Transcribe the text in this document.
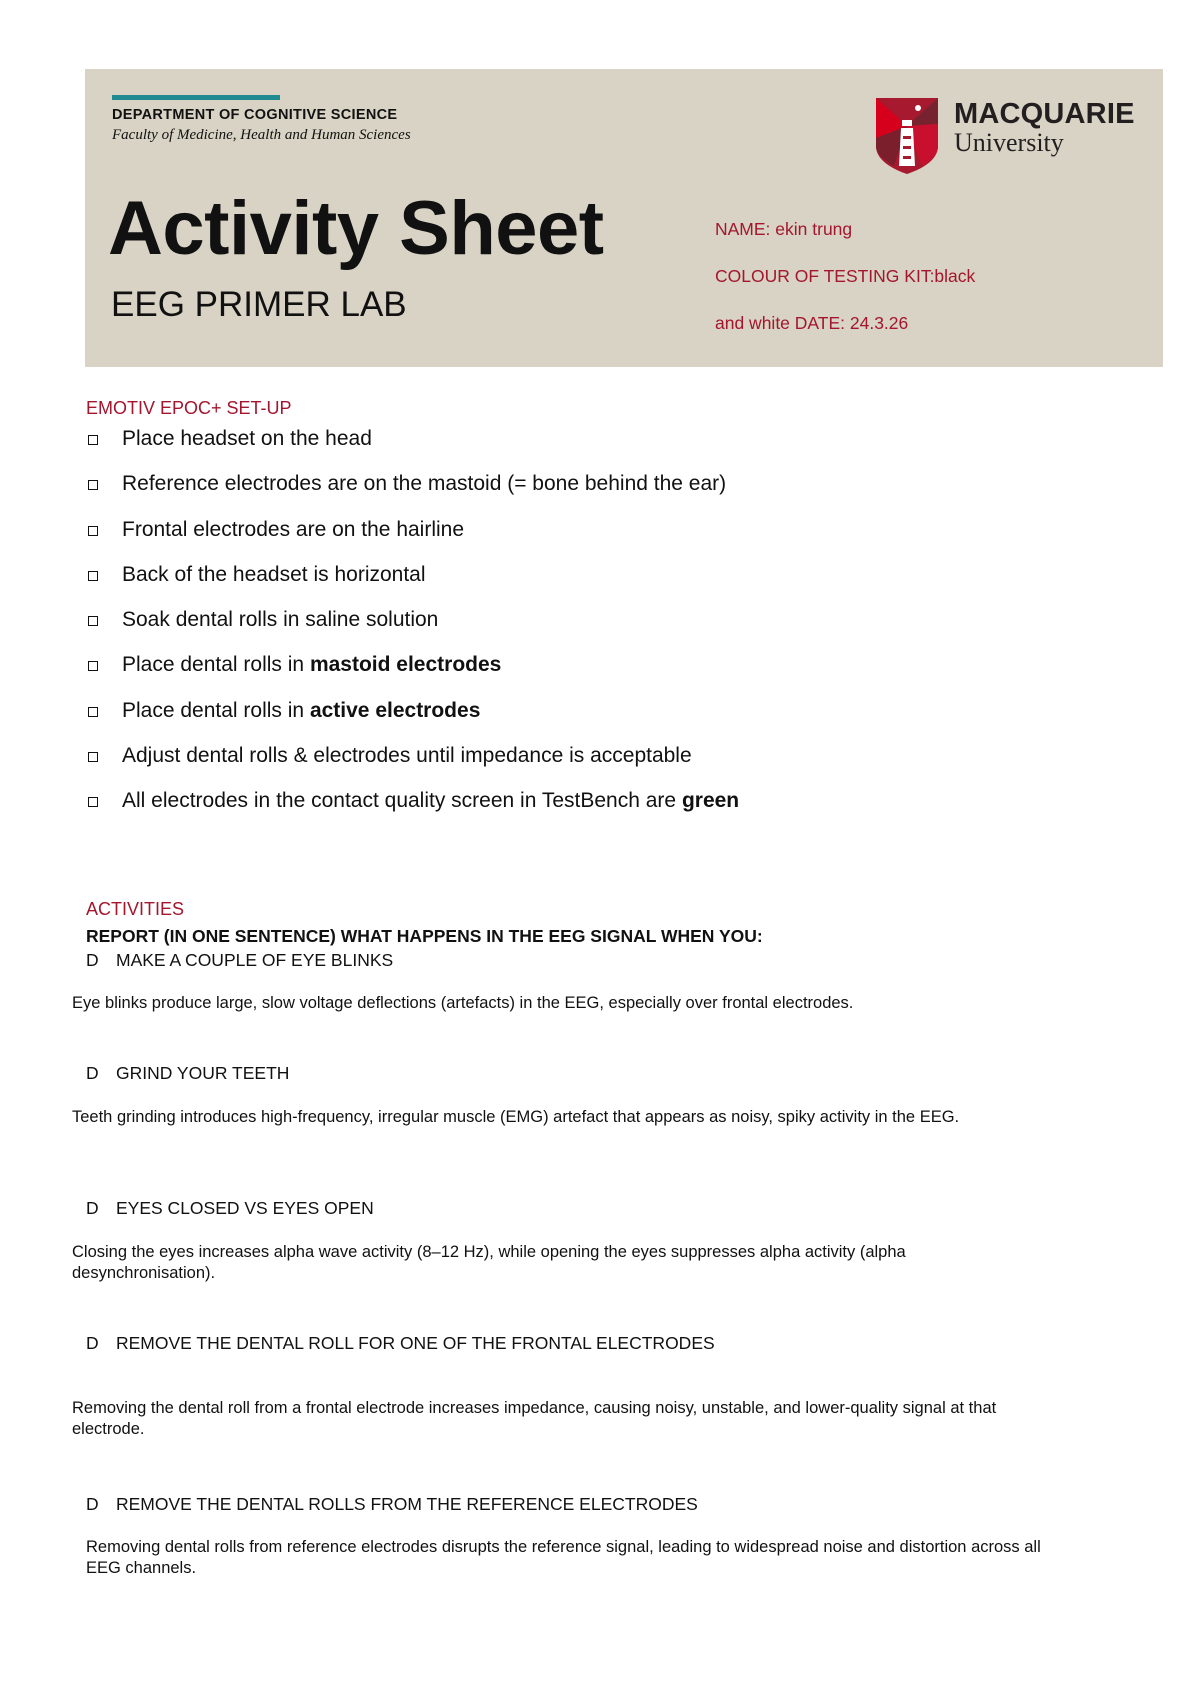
DEPARTMENT OF COGNITIVE SCIENCE
Faculty of Medicine, Health and Human Sciences
Activity Sheet
EEG PRIMER LAB
NAME: ekin trung
COLOUR OF TESTING KIT:black
and white DATE: 24.3.26
MACQUARIE
University
EMOTIV EPOC+ SET-UP
Place headset on the head
Reference electrodes are on the mastoid (= bone behind the ear)
Frontal electrodes are on the hairline
Back of the headset is horizontal
Soak dental rolls in saline solution
Place dental rolls in mastoid electrodes
Place dental rolls in active electrodes
Adjust dental rolls & electrodes until impedance is acceptable
All electrodes in the contact quality screen in TestBench are green
ACTIVITIES
REPORT (IN ONE SENTENCE) WHAT HAPPENS IN THE EEG SIGNAL WHEN YOU:
D MAKE A COUPLE OF EYE BLINKS
Eye blinks produce large, slow voltage deflections (artefacts) in the EEG, especially over frontal electrodes.
D GRIND YOUR TEETH
Teeth grinding introduces high-frequency, irregular muscle (EMG) artefact that appears as noisy, spiky activity in the EEG.
D EYES CLOSED VS EYES OPEN
Closing the eyes increases alpha wave activity (8–12 Hz), while opening the eyes suppresses alpha activity (alpha desynchronisation).
D REMOVE THE DENTAL ROLL FOR ONE OF THE FRONTAL ELECTRODES
Removing the dental roll from a frontal electrode increases impedance, causing noisy, unstable, and lower-quality signal at that electrode.
D REMOVE THE DENTAL ROLLS FROM THE REFERENCE ELECTRODES
Removing dental rolls from reference electrodes disrupts the reference signal, leading to widespread noise and distortion across all EEG channels.
